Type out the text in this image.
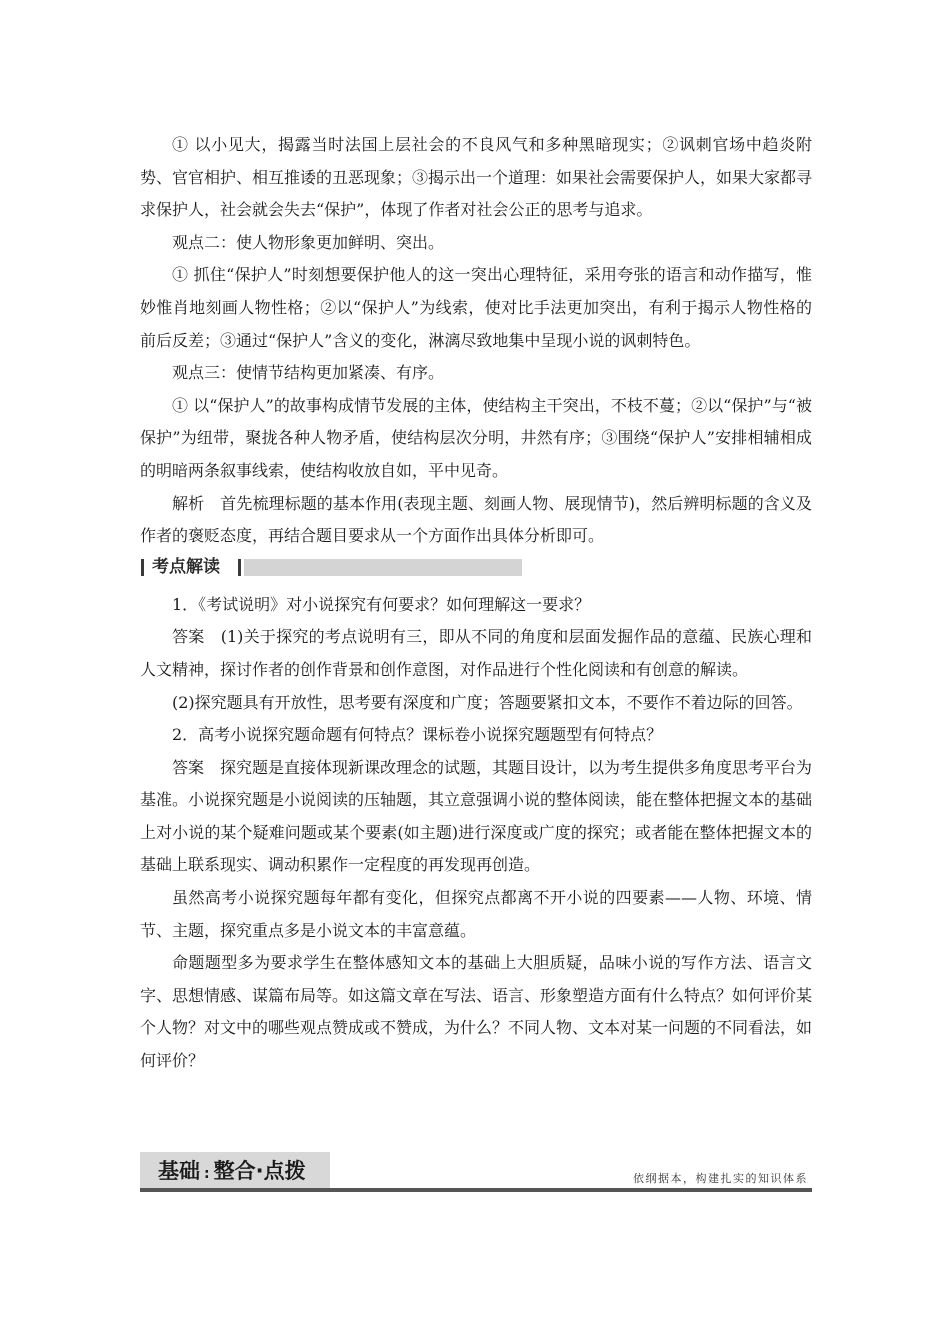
① 以小见大，揭露当时法国上层社会的不良风气和多种黑暗现实；②讽刺官场中趋炎附势、官官相护、相互推诿的丑恶现象；③揭示出一个道理：如果社会需要保护人，如果大家都寻求保护人，社会就会失去“保护”，体现了作者对社会公正的思考与追求。

观点二：使人物形象更加鲜明、突出。

① 抓住“保护人”时刻想要保护他人的这一突出心理特征，采用夸张的语言和动作描写，惟妙惟肖地刻画人物性格；②以“保护人”为线索，使对比手法更加突出，有利于揭示人物性格的前后反差；③通过“保护人”含义的变化，淋漓尽致地集中呈现小说的讽刺特色。

观点三：使情节结构更加紧凑、有序。

① 以“保护人”的故事构成情节发展的主体，使结构主干突出，不枝不蔓；②以“保护”与“被保护”为纽带，聚拢各种人物矛盾，使结构层次分明，井然有序；③围绕“保护人”安排相辅相成的明暗两条叙事线索，使结构收放自如，平中见奇。

解析　首先梳理标题的基本作用(表现主题、刻画人物、展现情节)，然后辨明标题的含义及作者的褒贬态度，再结合题目要求从一个方面作出具体分析即可。

考点解读

1．《考试说明》对小说探究有何要求？如何理解这一要求？

答案　(1)关于探究的考点说明有三，即从不同的角度和层面发掘作品的意蕴、民族心理和人文精神，探讨作者的创作背景和创作意图，对作品进行个性化阅读和有创意的解读。

(2)探究题具有开放性，思考要有深度和广度；答题要紧扣文本，不要作不着边际的回答。

2．高考小说探究题命题有何特点？课标卷小说探究题题型有何特点？

答案　探究题是直接体现新课改理念的试题，其题目设计，以为考生提供多角度思考平台为基准。小说探究题是小说阅读的压轴题，其立意强调小说的整体阅读，能在整体把握文本的基础上对小说的某个疑难问题或某个要素(如主题)进行深度或广度的探究；或者能在整体把握文本的基础上联系现实、调动积累作一定程度的再发现再创造。

虽然高考小说探究题每年都有变化，但探究点都离不开小说的四要素——人物、环境、情节、主题，探究重点多是小说文本的丰富意蕴。

命题题型多为要求学生在整体感知文本的基础上大胆质疑，品味小说的写作方法、语言文字、思想情感、谋篇布局等。如这篇文章在写法、语言、形象塑造方面有什么特点？如何评价某个人物？对文中的哪些观点赞成或不赞成，为什么？不同人物、文本对某一问题的不同看法，如何评价？

基础 : 整合·点拨	依纲据本，构建扎实的知识体系
